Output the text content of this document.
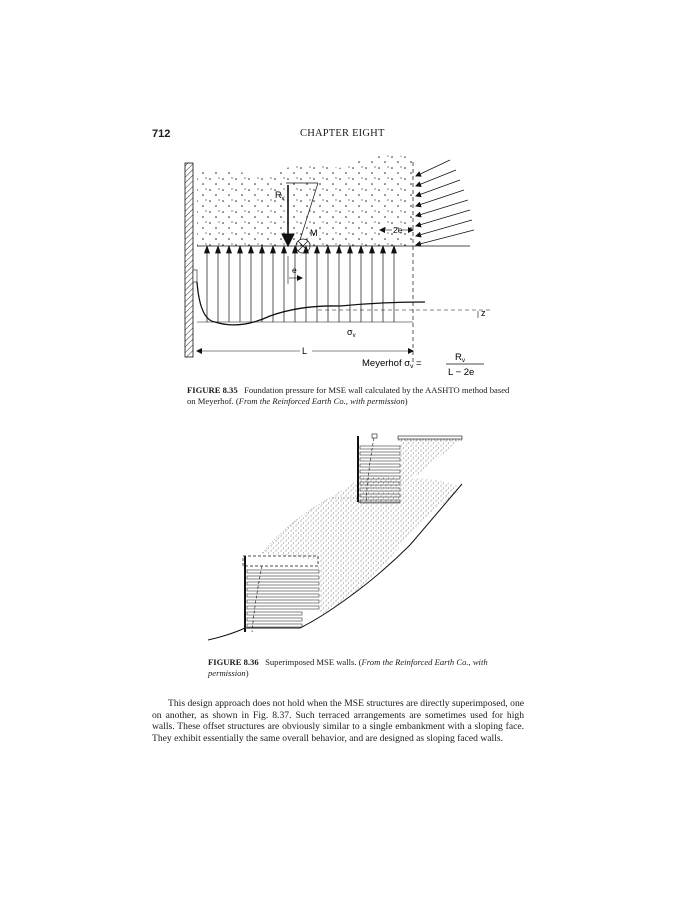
712	CHAPTER EIGHT
$R_v$
M	2e
e
z
$\sigma_v$
L
Meyerhof $\sigma_v$ =
$R_v$
L − 2e
FIGURE 8.35 Foundation pressure for MSE wall calculated by the AASHTO method based on Meyerhof. (From the Reinforced Earth Co., with permission)
FIGURE 8.36 Superimposed MSE walls. (From the Reinforced Earth Co., with permission)

This design approach does not hold when the MSE structures are directly superimposed, one on another, as shown in Fig. 8.37. Such terraced arrangements are sometimes used for high walls. These offset structures are obviously similar to a single embankment with a sloping face. They exhibit essentially the same overall behavior, and are designed as sloping faced walls.
